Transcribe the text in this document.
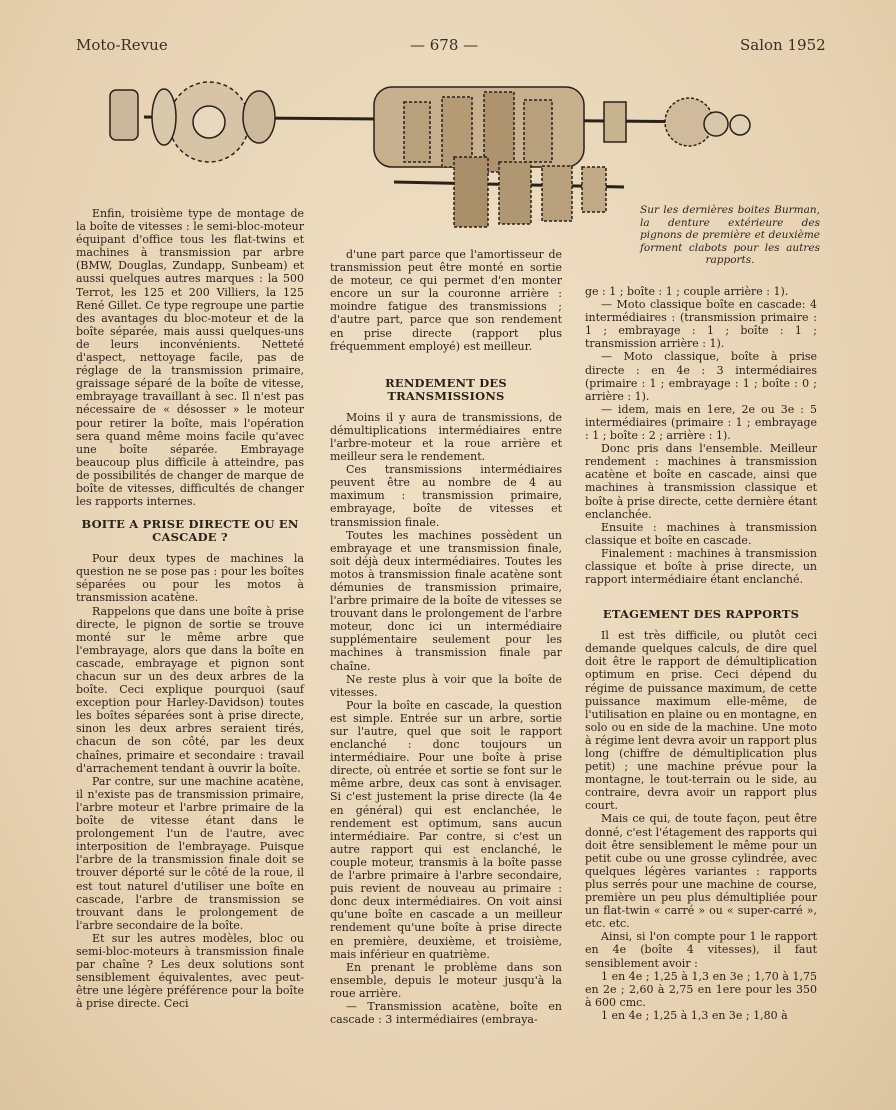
Moto-Revue	— 678 —	Salon 1952
Sur les dernières boites Burman, la denture extérieure des pignons de première et deuxième forment clabots pour les autres rapports.

Enfin, troisième type de montage de la boîte de vitesses : le semi-bloc-moteur équipant d'office tous les flat-twins et machines à transmission par arbre (BMW, Douglas, Zundapp, Sunbeam) et aussi quelques autres marques : la 500 Terrot, les 125 et 200 Villiers, la 125 René Gillet. Ce type regroupe une partie des avantages du bloc-moteur et de la boîte séparée, mais aussi quelques-uns de leurs inconvénients. Netteté d'aspect, nettoyage facile, pas de réglage de la transmission primaire, graissage séparé de la boîte de vitesse, embrayage travaillant à sec. Il n'est pas nécessaire de « désosser » le moteur pour retirer la boîte, mais l'opération sera quand même moins facile qu'avec une boîte séparée. Embrayage beaucoup plus difficile à atteindre, pas de possibilités de changer de marque de boîte de vitesses, difficultés de changer les rapports internes.

BOITE A PRISE DIRECTE OU EN CASCADE ?

Pour deux types de machines la question ne se pose pas : pour les boîtes séparées ou pour les motos à transmission acatène.

Rappelons que dans une boîte à prise directe, le pignon de sortie se trouve monté sur le même arbre que l'embrayage, alors que dans la boîte en cascade, embrayage et pignon sont chacun sur un des deux arbres de la boîte. Ceci explique pourquoi (sauf exception pour Harley-Davidson) toutes les boîtes séparées sont à prise directe, sinon les deux arbres seraient tirés, chacun de son côté, par les deux chaînes, primaire et secondaire : travail d'arrachement tendant à ouvrir la boîte.

Par contre, sur une machine acatène, il n'existe pas de transmission primaire, l'arbre moteur et l'arbre primaire de la boîte de vitesse étant dans le prolongement l'un de l'autre, avec interposition de l'embrayage. Puisque l'arbre de la transmission finale doit se trouver déporté sur le côté de la roue, il est tout naturel d'utiliser une boîte en cascade, l'arbre de transmission se trouvant dans le prolongement de l'arbre secondaire de la boîte.

Et sur les autres modèles, bloc ou semi-bloc-moteurs à transmission finale par chaîne ? Les deux solutions sont sensiblement équivalentes, avec peut-être une légère préférence pour la boîte à prise directe. Ceci

d'une part parce que l'amortisseur de transmission peut être monté en sortie de moteur, ce qui permet d'en monter encore un sur la couronne arrière : moindre fatigue des transmissions ; d'autre part, parce que son rendement en prise directe (rapport plus fréquemment employé) est meilleur.

RENDEMENT DES TRANSMISSIONS

Moins il y aura de transmissions, de démultiplications intermédiaires entre l'arbre-moteur et la roue arrière et meilleur sera le rendement.

Ces transmissions intermédiaires peuvent être au nombre de 4 au maximum : transmission primaire, embrayage, boîte de vitesses et transmission finale.

Toutes les machines possèdent un embrayage et une transmission finale, soit déjà deux intermédiaires. Toutes les motos à transmission finale acatène sont démunies de transmission primaire, l'arbre primaire de la boîte de vitesses se trouvant dans le prolongement de l'arbre moteur, donc ici un intermédiaire supplémentaire seulement pour les machines à transmission finale par chaîne.

Ne reste plus à voir que la boîte de vitesses.

Pour la boîte en cascade, la question est simple. Entrée sur un arbre, sortie sur l'autre, quel que soit le rapport enclanché : donc toujours un intermédiaire. Pour une boîte à prise directe, où entrée et sortie se font sur le même arbre, deux cas sont à envisager. Si c'est justement la prise directe (la 4e en général) qui est enclanchée, le rendement est optimum, sans aucun intermédiaire. Par contre, si c'est un autre rapport qui est enclanché, le couple moteur, transmis à la boîte passe de l'arbre primaire à l'arbre secondaire, puis revient de nouveau au primaire : donc deux intermédiaires. On voit ainsi qu'une boîte en cascade a un meilleur rendement qu'une boîte à prise directe en première, deuxième, et troisième, mais inférieur en quatrième.

En prenant le problème dans son ensemble, depuis le moteur jusqu'à la roue arrière.

— Transmission acatène, boîte en cascade : 3 intermédiaires (embraya-

ge : 1 ; boîte : 1 ; couple arrière : 1).

— Moto classique boîte en cascade: 4 intermédiaires : (transmission primaire : 1 ; embrayage : 1 ; boîte : 1 ; transmission arrière : 1).

— Moto classique, boîte à prise directe : en 4e : 3 intermédiaires (primaire : 1 ; embrayage : 1 ; boîte : 0 ; arrière : 1).

— idem, mais en 1ere, 2e ou 3e : 5 intermédiaires (primaire : 1 ; embrayage : 1 ; boîte : 2 ; arrière : 1).

Donc pris dans l'ensemble. Meilleur rendement : machines à transmission acatène et boîte en cascade, ainsi que machines à transmission classique et boîte à prise directe, cette dernière étant enclanchée.

Ensuite : machines à transmission classique et boîte en cascade.

Finalement : machines à transmission classique et boîte à prise directe, un rapport intermédiaire étant enclanché.

ETAGEMENT DES RAPPORTS

Il est très difficile, ou plutôt ceci demande quelques calculs, de dire quel doit être le rapport de démultiplication optimum en prise. Ceci dépend du régime de puissance maximum, de cette puissance maximum elle-même, de l'utilisation en plaine ou en montagne, en solo ou en side de la machine. Une moto à régime lent devra avoir un rapport plus long (chiffre de démultiplication plus petit) ; une machine prévue pour la montagne, le tout-terrain ou le side, au contraire, devra avoir un rapport plus court.

Mais ce qui, de toute façon, peut être donné, c'est l'étagement des rapports qui doit être sensiblement le même pour un petit cube ou une grosse cylindrée, avec quelques légères variantes : rapports plus serrés pour une machine de course, première un peu plus démultipliée pour un flat-twin « carré » ou « super-carré », etc. etc.

Ainsi, si l'on compte pour 1 le rapport en 4e (boîte 4 vitesses), il faut sensiblement avoir :

1 en 4e ; 1,25 à 1,3 en 3e ; 1,70 à 1,75 en 2e ; 2,60 à 2,75 en 1ere pour les 350 à 600 cmc.

1 en 4e ; 1,25 à 1,3 en 3e ; 1,80 à
